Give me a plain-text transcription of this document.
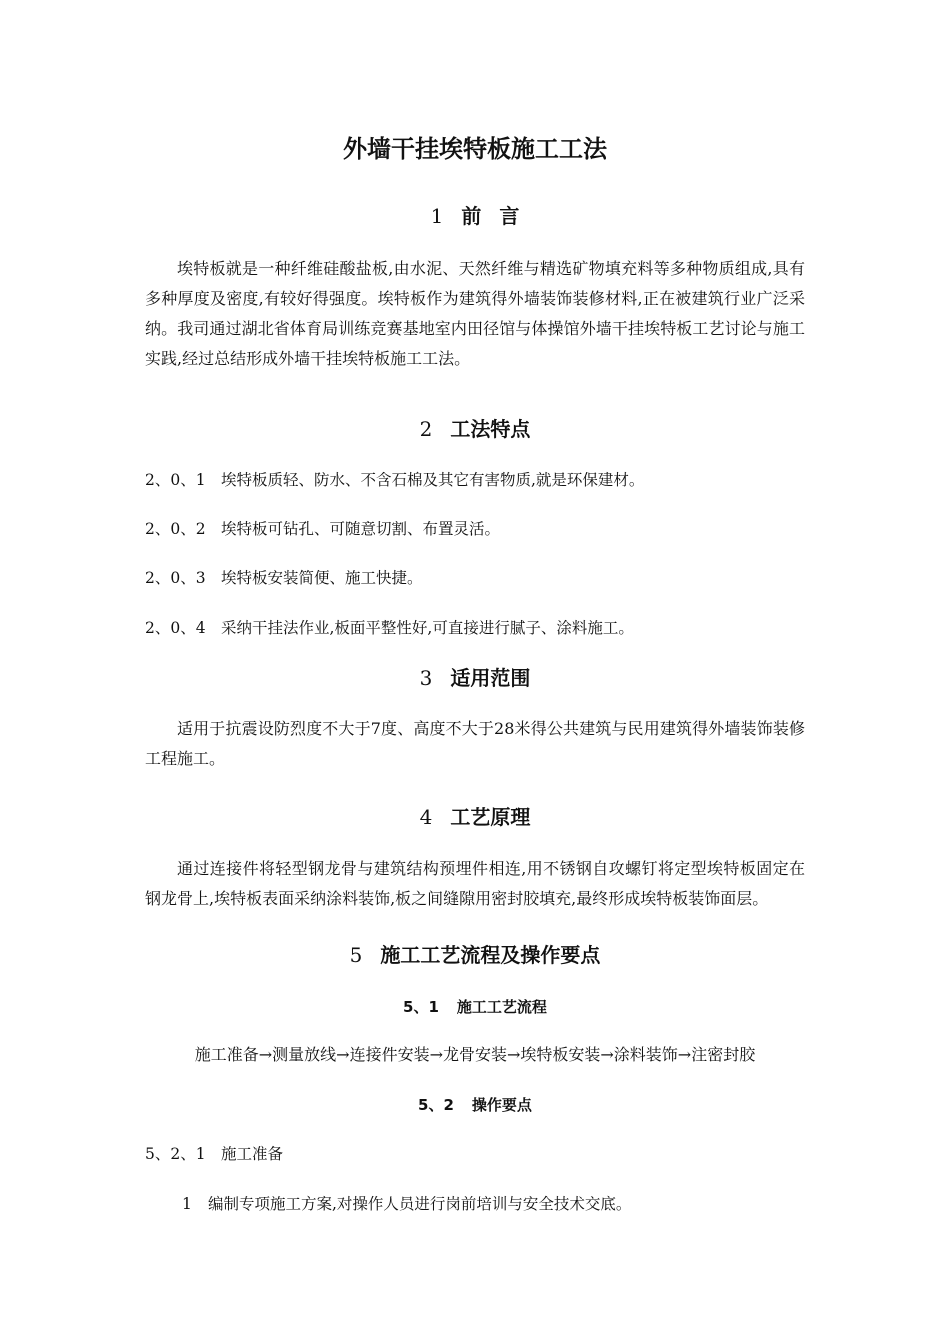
外墙干挂埃特板施工工法
1 前言

埃特板就是一种纤维硅酸盐板,由水泥、天然纤维与精选矿物填充料等多种物质组成,具有多种厚度及密度,有较好得强度。埃特板作为建筑得外墙装饰装修材料,正在被建筑行业广泛采纳。我司通过湖北省体育局训练竞赛基地室内田径馆与体操馆外墙干挂埃特板工艺讨论与施工实践,经过总结形成外墙干挂埃特板施工工法。

2 工法特点

2、0、1 埃特板质轻、防水、不含石棉及其它有害物质,就是环保建材。

2、0、2 埃特板可钻孔、可随意切割、布置灵活。

2、0、3 埃特板安装简便、施工快捷。

2、0、4 采纳干挂法作业,板面平整性好,可直接进行腻子、涂料施工。

3 适用范围

适用于抗震设防烈度不大于7度、高度不大于28米得公共建筑与民用建筑得外墙装饰装修工程施工。

4 工艺原理

通过连接件将轻型钢龙骨与建筑结构预埋件相连,用不锈钢自攻螺钉将定型埃特板固定在钢龙骨上,埃特板表面采纳涂料装饰,板之间缝隙用密封胶填充,最终形成埃特板装饰面层。

5 施工工艺流程及操作要点
5、1 施工工艺流程

施工准备→测量放线→连接件安装→龙骨安装→埃特板安装→涂料装饰→注密封胶

5、2 操作要点

5、2、1 施工准备

1 编制专项施工方案,对操作人员进行岗前培训与安全技术交底。
